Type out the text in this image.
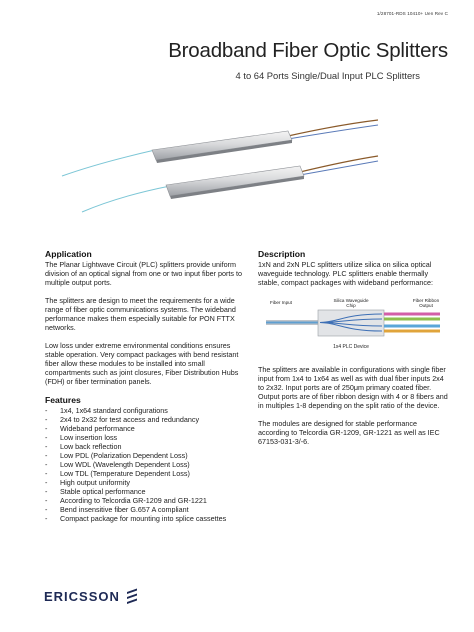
1/28701-RDS 10410+ Uen Rev C
Broadband Fiber Optic Splitters
4 to 64 Ports Single/Dual Input PLC Splitters
Application

The Planar Lightwave Circuit (PLC) splitters provide uniform division of an optical signal from one or two input fiber ports to multiple output ports.

The splitters are design to meet the requirements for a wide range of fiber optic communications systems. The wideband performance makes them especially suitable for PON FTTX networks.

Low loss under extreme environmental conditions ensures stable operation. Very compact packages with bend resistant fiber allow these modules to be installed into small compartments such as joint closures, Fiber Distribution Hubs (FDH) or fiber termination panels.

Features
- 1x4, 1x64 standard configurations
- 2x4 to 2x32 for test access and redundancy
- Wideband performance
- Low insertion loss
- Low back reflection
- Low PDL (Polarization Dependent Loss)
- Low WDL (Wavelength Dependent Loss)
- Low TDL (Temperature Dependent Loss)
- High output uniformity
- Stable optical performance
- According to Telcordia GR-1209 and GR-1221
- Bend insensitive fiber G.657 A compliant
- Compact package for mounting into splice cassettes
Description

1xN and 2xN PLC splitters utilize silica on silica optical waveguide technology. PLC splitters enable thermally stable, compact packages with wideband performance:

Fiber Input	Silica Waveguide
Chip
Fiber Ribbon
Output
1x4 PLC Device

The splitters are available in configurations with single fiber input from 1x4 to 1x64 as well as with dual fiber inputs 2x4 to 2x32. Input ports are of 250μm primary coated fiber. Output ports are of fiber ribbon design with 4 or 8 fibers and in multiples 1-8 depending on the split ratio of the device.

The modules are designed for stable performance according to Telcordia GR-1209, GR-1221 as well as IEC 67153-031-3/-6.

ERICSSON
